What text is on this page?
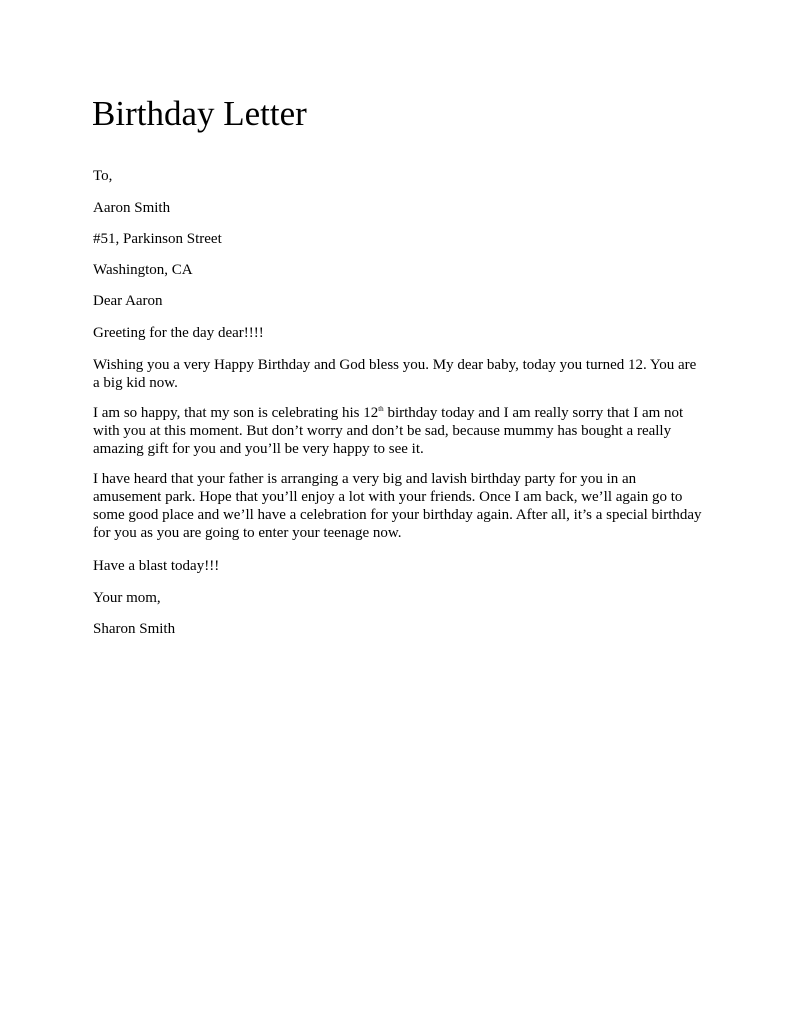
Birthday Letter

To,

Aaron Smith

#51, Parkinson Street

Washington, CA

Dear Aaron

Greeting for the day dear!!!!

Wishing you a very Happy Birthday and God bless you. My dear baby, today you turned 12. You are
a big kid now.
I am so happy, that my son is celebrating his 12th birthday today and I am really sorry that I am not
with you at this moment. But don’t worry and don’t be sad, because mummy has bought a really
amazing gift for you and you’ll be very happy to see it.
I have heard that your father is arranging a very big and lavish birthday party for you in an
amusement park. Hope that you’ll enjoy a lot with your friends. Once I am back, we’ll again go to
some good place and we’ll have a celebration for your birthday again. After all, it’s a special birthday
for you as you are going to enter your teenage now.

Have a blast today!!!

Your mom,

Sharon Smith
